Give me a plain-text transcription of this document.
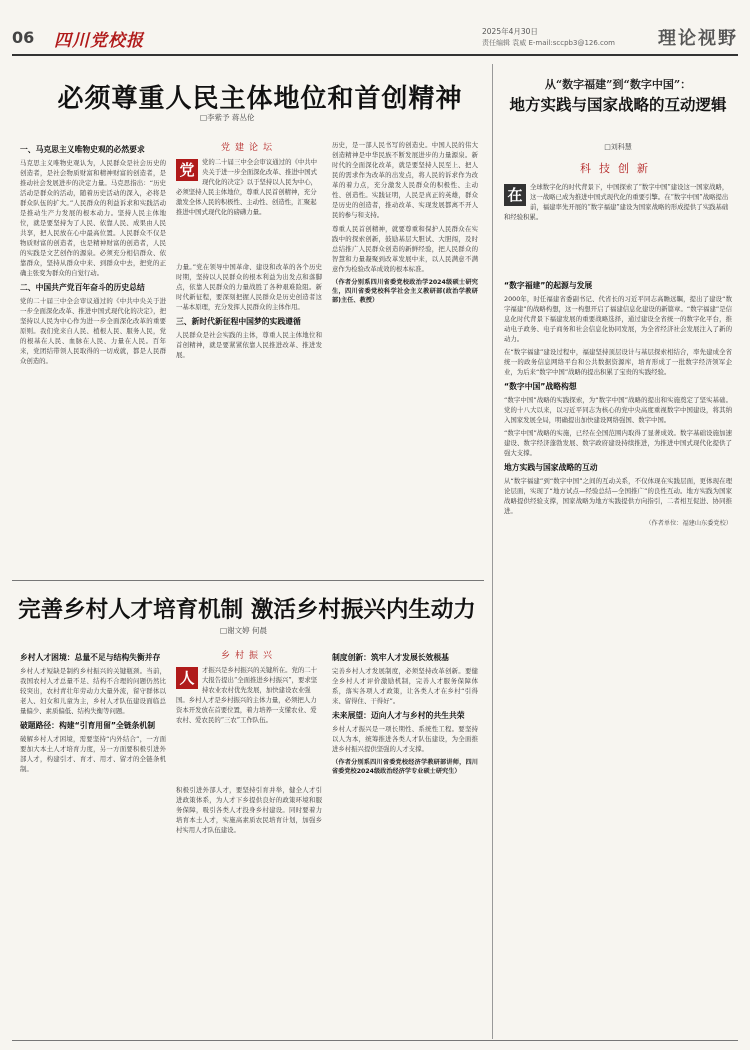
06 四川党校报	2025年4月30日
责任编辑 袁威 E-mail:sccpb3@126.com 理论视野
必须尊重人民主体地位和首创精神
□李紫予 蒋丛伦
一、马克思主义唯物史观的必然要求
马克思主义唯物史观认为，人民群众是社会历史的创造者，是社会物质财富和精神财富的创造者，是推动社会发展进步的决定力量。马克思指出：“历史活动是群众的活动，随着历史活动的深入，必将是群众队伍的扩大。”人民群众的利益诉求和实践活动是推动生产力发展的根本动力。坚持人民主体地位，就是要坚持为了人民、依靠人民、成果由人民共享，把人民放在心中最高位置。人民群众不仅是物质财富的创造者，也是精神财富的创造者，人民的实践是文艺创作的源泉。必须充分相信群众、依靠群众，坚持从群众中来、到群众中去，把党的正确主张变为群众的自觉行动。
二、中国共产党百年奋斗的历史总结
党的二十届三中全会审议通过的《中共中央关于进一步全面深化改革、推进中国式现代化的决定》，把坚持以人民为中心作为进一步全面深化改革的重要原则。我们党来自人民、植根人民、服务人民，党的根基在人民、血脉在人民、力量在人民。百年来，党团结带领人民取得的一切成就，都是人民群众创造的。
党建论坛
党	党的二十届三中全会审议通过的《中共中央关于进一步全面深化改革、推进中国式现代化的决定》以于坚持以人民为中心，必须坚持人民主体地位，尊重人民首创精神，充分激发全体人民的积极性、主动性、创造性，汇聚起推进中国式现代化的磅礴力量。
力量。”党在领导中国革命、建设和改革的各个历史时期，坚持以人民群众的根本利益为出发点和落脚点，依靠人民群众的力量战胜了各种艰难险阻。新时代新征程，要深刻把握人民群众是历史创造者这一基本原理，充分发挥人民群众的主体作用。
三、新时代新征程中国梦的实践遵循
人民群众是社会实践的主体，尊重人民主体地位和首创精神，就是要紧紧依靠人民推进改革、推进发展。
历史，是一部人民书写的创造史。中国人民的伟大创造精神是中华民族不断发展进步的力量源泉。新时代的全面深化改革，就是要坚持人民至上、把人民的需求作为改革的出发点，将人民的诉求作为改革的着力点，充分激发人民群众的积极性、主动性、创造性。实践证明，人民是真正的英雄，群众是历史的创造者，推动改革、实现发展都离不开人民的参与和支持。
尊重人民首创精神，就要尊重和保护人民群众在实践中的探索创新，鼓励基层大胆试、大胆闯，及时总结推广人民群众创造的新鲜经验，把人民群众的智慧和力量凝聚到改革发展中来，以人民满意不满意作为检验改革成效的根本标准。
（作者分别系四川省委党校政治学2024级硕士研究生，四川省委党校科学社会主义教研部(政治学教研部)主任、教授）
从“数字福建”到“数字中国”：
地方实践与国家战略的互动逻辑
□刘科慧
科技创新
在	全球数字化的时代背景下，中国探索了“数字中国”建设这一国家战略，这一战略已成为推进中国式现代化的重要引擎。在“数字中国”战略提出前，福建率先开展的“数字福建”建设为国家战略的形成提供了实践基础和经验积累。
“数字福建”的起源与发展
2000年，时任福建省委副书记、代省长的习近平同志高瞻远瞩，提出了建设“数字福建”的战略构想，这一构想开启了福建信息化建设的新篇章。“数字福建”是信息化时代背景下福建发展的重要战略选择，通过建设全省统一的数字化平台，推动电子政务、电子商务和社会信息化协同发展，为全省经济社会发展注入了新的动力。
在“数字福建”建设过程中，福建坚持顶层设计与基层探索相结合，率先建成全省统一的政务信息网络平台和公共数据资源库，培育形成了一批数字经济领军企业，为后来“数字中国”战略的提出积累了宝贵的实践经验。
“数字中国”战略构想
“数字中国”战略的实践探索，为“数字中国”战略的提出和实施奠定了坚实基础。党的十八大以来，以习近平同志为核心的党中央高度重视数字中国建设，将其纳入国家发展全局，明确提出加快建设网络强国、数字中国。
“数字中国”战略的实施，已经在全国范围内取得了显著成效。数字基础设施加速建设、数字经济蓬勃发展、数字政府建设持续推进，为推进中国式现代化提供了强大支撑。
地方实践与国家战略的互动
从“数字福建”到“数字中国”之间的互动关系，不仅体现在实践层面，更体现在理论层面，实现了“地方试点—经验总结—全国推广”的良性互动。地方实践为国家战略提供经验支撑，国家战略为地方实践提供方向指引，二者相互促进、协同推进。
（作者单位：福建山东委党校）
完善乡村人才培育机制 激活乡村振兴内生动力
□谢文婷 何晨
乡村人才困境：总量不足与结构失衡并存
乡村人才短缺是制约乡村振兴的关键瓶颈。当前，我国农村人才总量不足、结构不合理的问题仍然比较突出，农村青壮年劳动力大量外流，留守群体以老人、妇女和儿童为主，乡村人才队伍建设面临总量偏少、素质偏低、结构失衡等问题。
破题路径：构建“引育用留”全链条机制
破解乡村人才困境，需要坚持“内外结合”，一方面要加大本土人才培育力度，另一方面要积极引进外部人才，构建引才、育才、用才、留才的全链条机制。
乡村振兴
人	才振兴是乡村振兴的关键所在。党的二十大报告提出“全面推进乡村振兴”，要求坚持农业农村优先发展，加快建设农业强国。乡村人才是乡村振兴的主体力量，必须把人力资本开发放在首要位置，着力培养一支懂农业、爱农村、爱农民的“三农”工作队伍。
积极引进外部人才，要坚持引育并举，健全人才引进政策体系，为人才下乡提供良好的政策环境和服务保障，吸引各类人才投身乡村建设。同时要着力培育本土人才，实施高素质农民培育计划，加强乡村实用人才队伍建设。
制度创新：筑牢人才发展长效根基
完善乡村人才发展制度，必须坚持改革创新。要健全乡村人才评价激励机制，完善人才服务保障体系，落实各项人才政策，让各类人才在乡村“引得来、留得住、干得好”。
未来展望：迈向人才与乡村的共生共荣
乡村人才振兴是一项长期性、系统性工程。要坚持以人为本，统筹推进各类人才队伍建设，为全面推进乡村振兴提供坚强的人才支撑。
（作者分别系四川省委党校经济学教研部讲师，四川省委党校2024级政治经济学专业硕士研究生）
